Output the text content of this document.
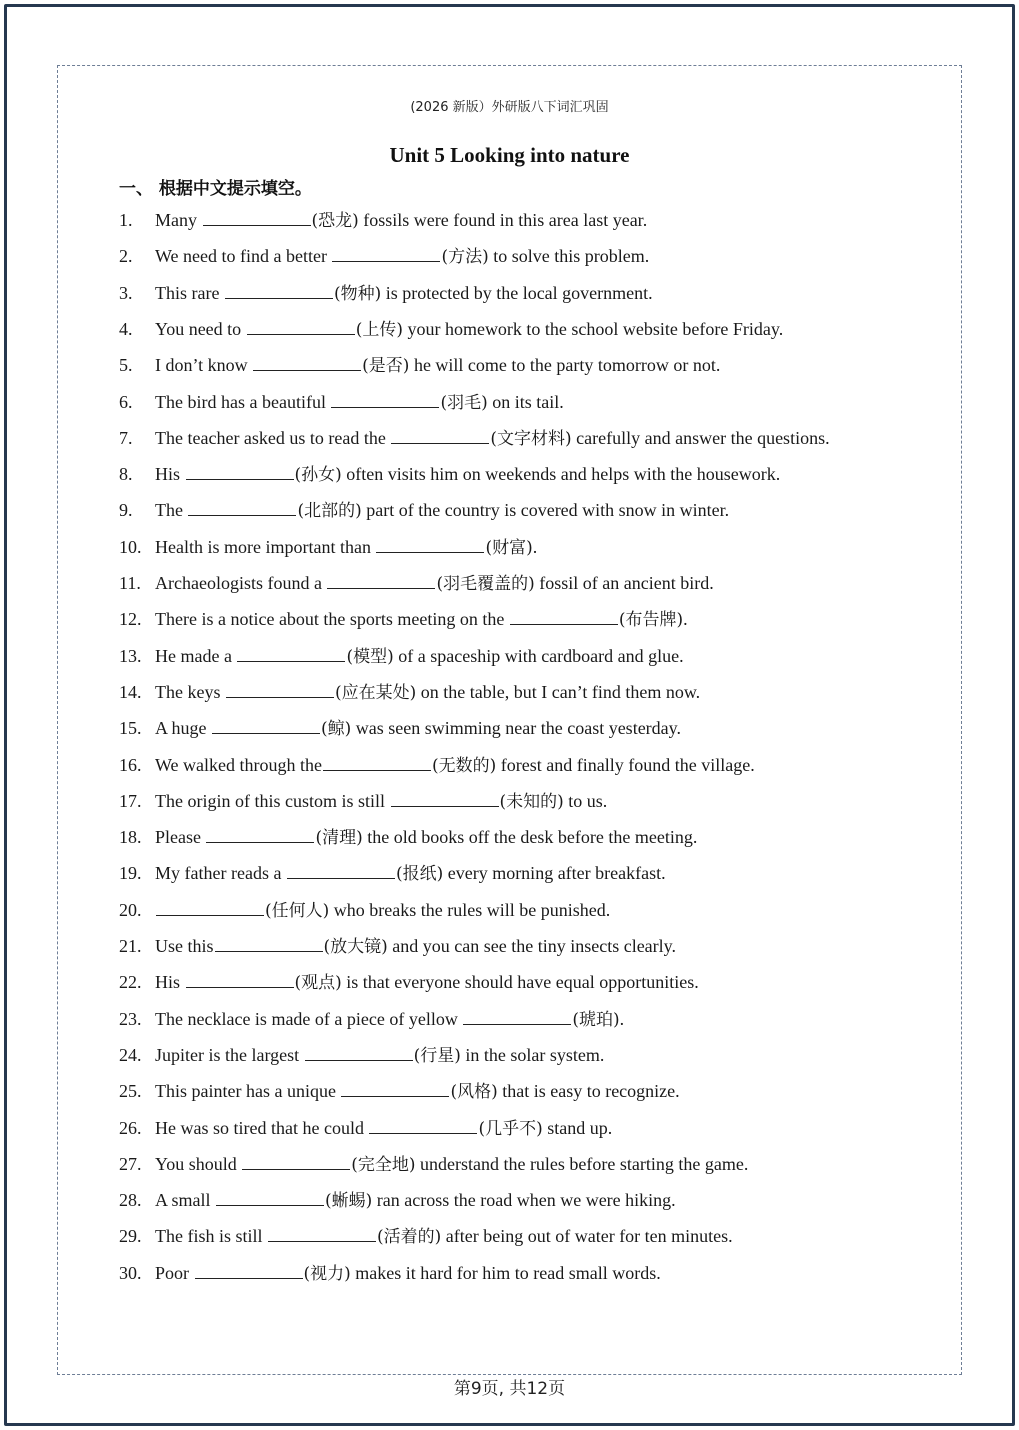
(2026 新版）外研版八下词汇巩固
Unit 5 Looking into nature
一、 根据中文提示填空。
1. Many	(恐龙) fossils were found in this area last year.
2. We need to find a better	(方法) to solve this problem.
3. This rare	(物种) is protected by the local government.
4. You need to	(上传) your homework to the school website before Friday.
5. I don’t know	(是否) he will come to the party tomorrow or not.
6. The bird has a beautiful	(羽毛) on its tail.
7. The teacher asked us to read the	(文字材料) carefully and answer the questions.
8. His	(孙女) often visits him on weekends and helps with the housework.
9. The	(北部的) part of the country is covered with snow in winter.
10. Health is more important than	(财富).
11. Archaeologists found a	(羽毛覆盖的) fossil of an ancient bird.
12. There is a notice about the sports meeting on the	(布告牌).
13. He made a	(模型) of a spaceship with cardboard and glue.
14. The keys	(应在某处) on the table, but I can’t find them now.
15. A huge	(鲸) was seen swimming near the coast yesterday.
16. We walked through the	(无数的) forest and finally found the village.
17. The origin of this custom is still	(未知的) to us.
18. Please	(清理) the old books off the desk before the meeting.
19. My father reads a	(报纸) every morning after breakfast.
20.	(任何人) who breaks the rules will be punished.
21. Use this	(放大镜) and you can see the tiny insects clearly.
22. His	(观点) is that everyone should have equal opportunities.
23. The necklace is made of a piece of yellow	(琥珀).
24. Jupiter is the largest	(行星) in the solar system.
25. This painter has a unique	(风格) that is easy to recognize.
26. He was so tired that he could	(几乎不) stand up.
27. You should	(完全地) understand the rules before starting the game.
28. A small	(蜥蜴) ran across the road when we were hiking.
29. The fish is still	(活着的) after being out of water for ten minutes.
30. Poor	(视力) makes it hard for him to read small words.
第9页, 共12页
